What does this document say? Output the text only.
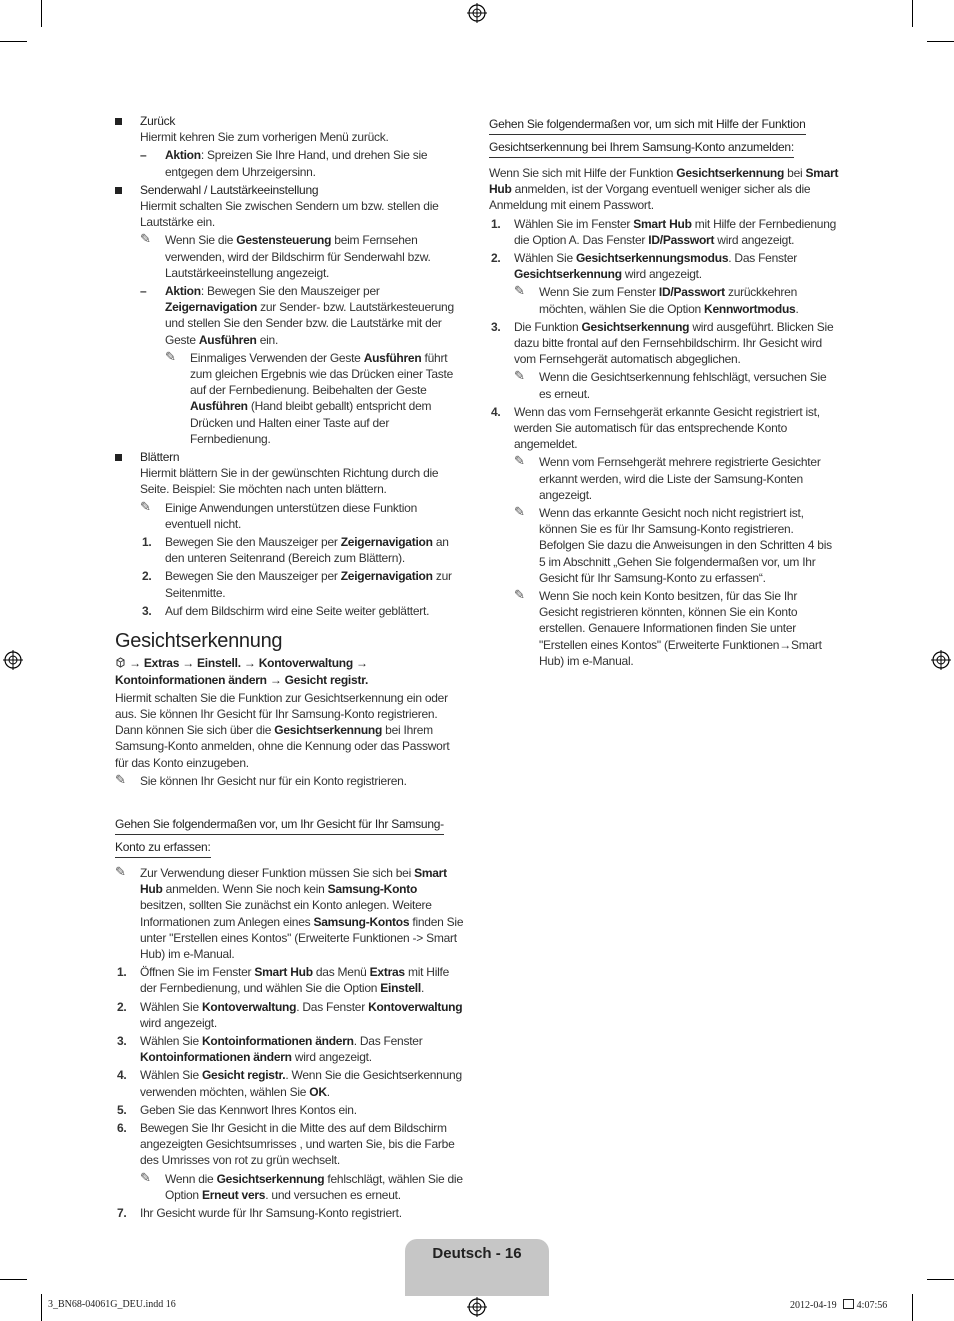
Zurück
Hiermit kehren Sie zum vorherigen Menü zurück.
– Aktion: Spreizen Sie Ihre Hand, und drehen Sie sie entgegen dem Uhrzeigersinn.
Senderwahl / Lautstärkeeinstellung
Hiermit schalten Sie zwischen Sendern um bzw. stellen die Lautstärke ein.
✎ Wenn Sie die Gestensteuerung beim Fernsehen verwenden, wird der Bildschirm für Senderwahl bzw. Lautstärkeeinstellung angezeigt.
– Aktion: Bewegen Sie den Mauszeiger per Zeigernavigation zur Sender- bzw. Lautstärkesteuerung und stellen Sie den Sender bzw. die Lautstärke mit der Geste Ausführen ein.
✎ Einmaliges Verwenden der Geste Ausführen führt zum gleichen Ergebnis wie das Drücken einer Taste auf der Fernbedienung. Beibehalten der Geste Ausführen (Hand bleibt geballt) entspricht dem Drücken und Halten einer Taste auf der Fernbedienung.
Blättern
Hiermit blättern Sie in der gewünschten Richtung durch die Seite. Beispiel: Sie möchten nach unten blättern.
✎ Einige Anwendungen unterstützen diese Funktion eventuell nicht.
1. Bewegen Sie den Mauszeiger per Zeigernavigation an den unteren Seitenrand (Bereich zum Blättern).
2. Bewegen Sie den Mauszeiger per Zeigernavigation zur Seitenmitte.
3. Auf dem Bildschirm wird eine Seite weiter geblättert.
Gesichtserkennung
→ Extras → Einstell. → Kontoverwaltung → Kontoinformationen ändern → Gesicht registr.
Hiermit schalten Sie die Funktion zur Gesichtserkennung ein oder aus. Sie können Ihr Gesicht für Ihr Samsung-Konto registrieren. Dann können Sie sich über die Gesichtserkennung bei Ihrem Samsung-Konto anmelden, ohne die Kennung oder das Passwort für das Konto einzugeben.
✎ Sie können Ihr Gesicht nur für ein Konto registrieren.
Gehen Sie folgendermaßen vor, um Ihr Gesicht für Ihr Samsung-
Konto zu erfassen:
✎ Zur Verwendung dieser Funktion müssen Sie sich bei Smart Hub anmelden. Wenn Sie noch kein Samsung-Konto besitzen, sollten Sie zunächst ein Konto anlegen. Weitere Informationen zum Anlegen eines Samsung-Kontos finden Sie unter "Erstellen eines Kontos" (Erweiterte Funktionen -> Smart Hub) im e-Manual.
1. Öffnen Sie im Fenster Smart Hub das Menü Extras mit Hilfe der Fernbedienung, und wählen Sie die Option Einstell.
2. Wählen Sie Kontoverwaltung. Das Fenster Kontoverwaltung wird angezeigt.
3. Wählen Sie Kontoinformationen ändern. Das Fenster Kontoinformationen ändern wird angezeigt.
4. Wählen Sie Gesicht registr.. Wenn Sie die Gesichtserkennung verwenden möchten, wählen Sie OK.
5. Geben Sie das Kennwort Ihres Kontos ein.
6. Bewegen Sie Ihr Gesicht in die Mitte des auf dem Bildschirm angezeigten Gesichtsumrisses , und warten Sie, bis die Farbe des Umrisses von rot zu grün wechselt.
✎ Wenn die Gesichtserkennung fehlschlägt, wählen Sie die Option Erneut vers. und versuchen es erneut.
7. Ihr Gesicht wurde für Ihr Samsung-Konto registriert.
Gehen Sie folgendermaßen vor, um sich mit Hilfe der Funktion
Gesichtserkennung bei Ihrem Samsung-Konto anzumelden:
Wenn Sie sich mit Hilfe der Funktion Gesichtserkennung bei Smart Hub anmelden, ist der Vorgang eventuell weniger sicher als die Anmeldung mit einem Passwort.
1. Wählen Sie im Fenster Smart Hub mit Hilfe der Fernbedienung die Option A. Das Fenster ID/Passwort wird angezeigt.
2. Wählen Sie Gesichtserkennungsmodus. Das Fenster Gesichtserkennung wird angezeigt.
✎ Wenn Sie zum Fenster ID/Passwort zurückkehren möchten, wählen Sie die Option Kennwortmodus.
3. Die Funktion Gesichtserkennung wird ausgeführt. Blicken Sie dazu bitte frontal auf den Fernsehbildschirm. Ihr Gesicht wird vom Fernsehgerät automatisch abgeglichen.
✎ Wenn die Gesichtserkennung fehlschlägt, versuchen Sie es erneut.
4. Wenn das vom Fernsehgerät erkannte Gesicht registriert ist, werden Sie automatisch für das entsprechende Konto angemeldet.
✎ Wenn vom Fernsehgerät mehrere registrierte Gesichter erkannt werden, wird die Liste der Samsung-Konten angezeigt.
✎ Wenn das erkannte Gesicht noch nicht registriert ist, können Sie es für Ihr Samsung-Konto registrieren. Befolgen Sie dazu die Anweisungen in den Schritten 4 bis 5 im Abschnitt „Gehen Sie folgendermaßen vor, um Ihr Gesicht für Ihr Samsung-Konto zu erfassen“.
✎ Wenn Sie noch kein Konto besitzen, für das Sie Ihr Gesicht registrieren könnten, können Sie ein Konto erstellen. Genauere Informationen finden Sie unter "Erstellen eines Kontos" (Erweiterte Funktionen→Smart Hub) im e-Manual.
Deutsch - 16
3_BN68-04061G_DEU.indd 16	2012-04-19 4:07:56
